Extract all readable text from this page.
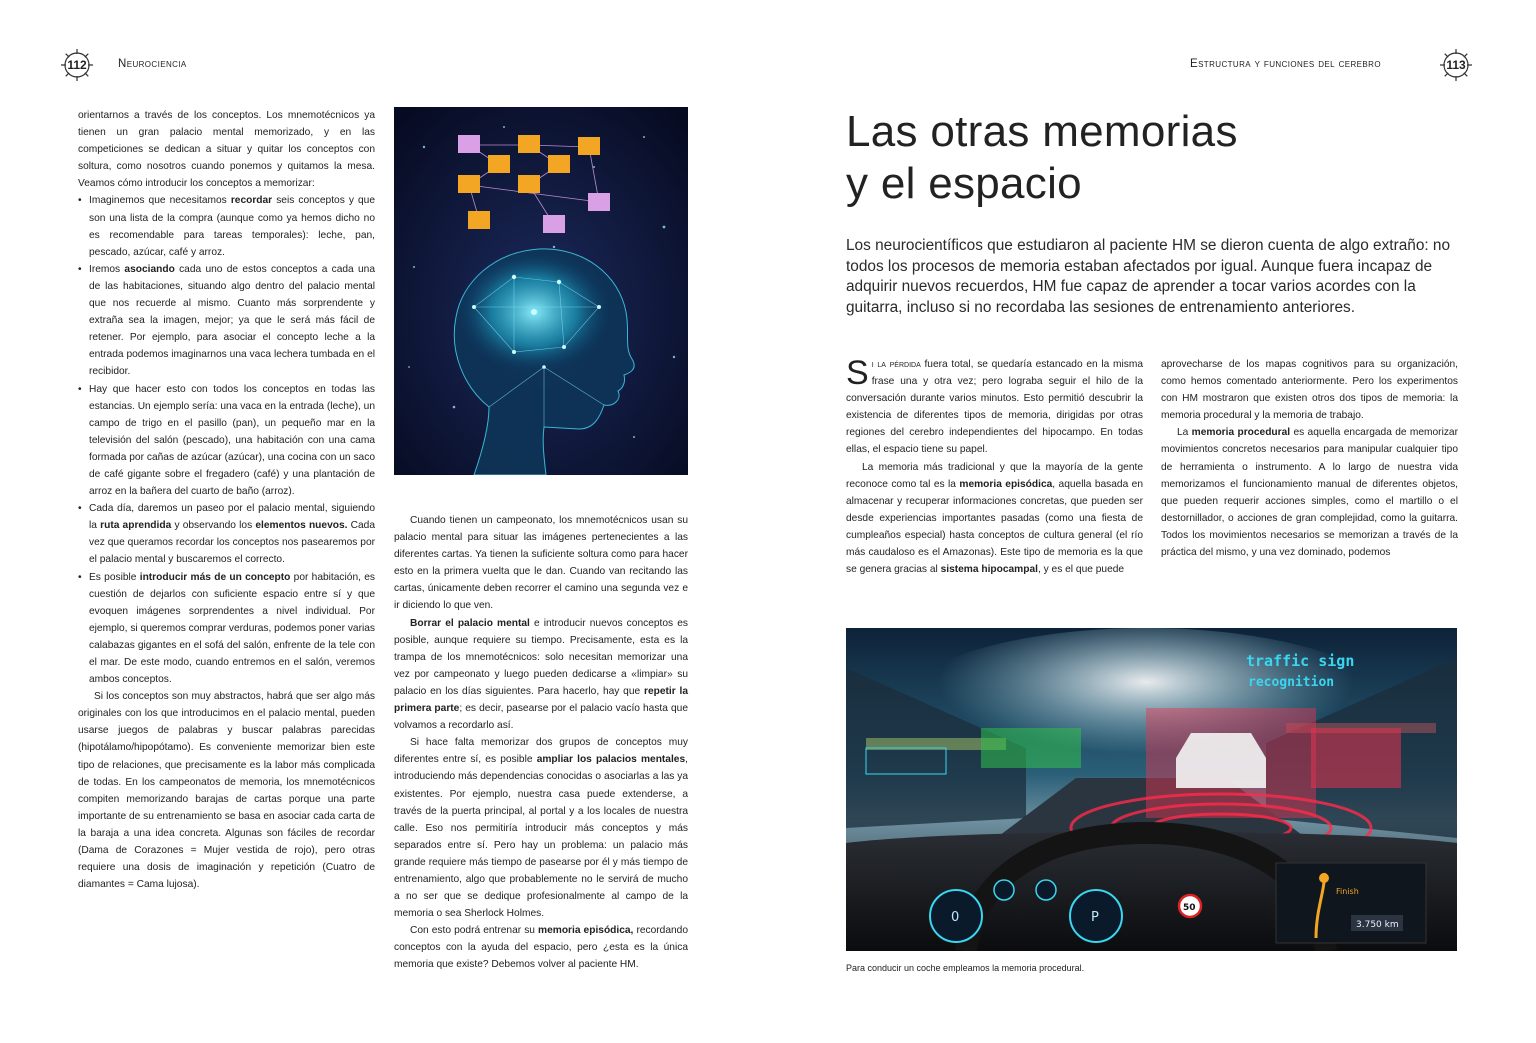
112	Neurociencia

orientarnos a través de los conceptos. Los mnemotécnicos ya tienen un gran palacio mental memorizado, y en las competiciones se dedican a situar y quitar los conceptos con soltura, como nosotros cuando ponemos y quitamos la mesa. Veamos cómo introducir los conceptos a memorizar:

• Imaginemos que necesitamos recordar seis conceptos y que son una lista de la compra (aunque como ya hemos dicho no es recomendable para tareas temporales): leche, pan, pescado, azúcar, café y arroz.
• Iremos asociando cada uno de estos conceptos a cada una de las habitaciones, situando algo dentro del palacio mental que nos recuerde al mismo. Cuanto más sorprendente y extraña sea la imagen, mejor; ya que le será más fácil de retener. Por ejemplo, para asociar el concepto leche a la entrada podemos imaginarnos una vaca lechera tumbada en el recibidor.
• Hay que hacer esto con todos los conceptos en todas las estancias. Un ejemplo sería: una vaca en la entrada (leche), un campo de trigo en el pasillo (pan), un pequeño mar en la televisión del salón (pescado), una habitación con una cama formada por cañas de azúcar (azúcar), una cocina con un saco de café gigante sobre el fregadero (café) y una plantación de arroz en la bañera del cuarto de baño (arroz).
• Cada día, daremos un paseo por el palacio mental, siguiendo la ruta aprendida y observando los elementos nuevos. Cada vez que queramos recordar los conceptos nos pasearemos por el palacio mental y buscaremos el correcto.
• Es posible introducir más de un concepto por habitación, es cuestión de dejarlos con suficiente espacio entre sí y que evoquen imágenes sorprendentes a nivel individual. Por ejemplo, si queremos comprar verduras, podemos poner varias calabazas gigantes en el sofá del salón, enfrente de la tele con el mar. De este modo, cuando entremos en el salón, veremos ambos conceptos.

Si los conceptos son muy abstractos, habrá que ser algo más originales con los que introducimos en el palacio mental, pueden usarse juegos de palabras y buscar palabras parecidas (hipotálamo/hipopótamo). Es conveniente memorizar bien este tipo de relaciones, que precisamente es la labor más complicada de todas. En los campeonatos de memoria, los mnemotécnicos compiten memorizando barajas de cartas porque una parte importante de su entrenamiento se basa en asociar cada carta de la baraja a una idea concreta. Algunas son fáciles de recordar (Dama de Corazones = Mujer vestida de rojo), pero otras requiere una dosis de imaginación y repetición (Cuatro de diamantes = Cama lujosa).

Cuando tienen un campeonato, los mnemotécnicos usan su palacio mental para situar las imágenes pertenecientes a las diferentes cartas. Ya tienen la suficiente soltura como para hacer esto en la primera vuelta que le dan. Cuando van recitando las cartas, únicamente deben recorrer el camino una segunda vez e ir diciendo lo que ven.

Borrar el palacio mental e introducir nuevos conceptos es posible, aunque requiere su tiempo. Precisamente, esta es la trampa de los mnemotécnicos: solo necesitan memorizar una vez por campeonato y luego pueden dedicarse a «limpiar» su palacio en los días siguientes. Para hacerlo, hay que repetir la primera parte; es decir, pasearse por el palacio vacío hasta que volvamos a recordarlo así.

Si hace falta memorizar dos grupos de conceptos muy diferentes entre sí, es posible ampliar los palacios mentales, introduciendo más dependencias conocidas o asociarlas a las ya existentes. Por ejemplo, nuestra casa puede extenderse, a través de la puerta principal, al portal y a los locales de nuestra calle. Eso nos permitiría introducir más conceptos y más separados entre sí. Pero hay un problema: un palacio más grande requiere más tiempo de pasearse por él y más tiempo de entrenamiento, algo que probablemente no le servirá de mucho a no ser que se dedique profesionalmente al campo de la memoria o sea Sherlock Holmes.

Con esto podrá entrenar su memoria episódica, recordando conceptos con la ayuda del espacio, pero ¿esta es la única memoria que existe? Debemos volver al paciente HM.

Estructura y funciones del cerebro	113
Las otras memorias
y el espacio

Los neurocientíficos que estudiaron al paciente HM se dieron cuenta de algo extraño: no todos los procesos de memoria estaban afectados por igual. Aunque fuera incapaz de adquirir nuevos recuerdos, HM fue capaz de aprender a tocar varios acordes con la guitarra, incluso si no recordaba las sesiones de entrenamiento anteriores.

Si la pérdida fuera total, se quedaría estancado en la misma frase una y otra vez; pero lograba seguir el hilo de la conversación durante varios minutos. Esto permitió descubrir la existencia de diferentes tipos de memoria, dirigidas por otras regiones del cerebro independientes del hipocampo. En todas ellas, el espacio tiene su papel.

La memoria más tradicional y que la mayoría de la gente reconoce como tal es la memoria episódica, aquella basada en almacenar y recuperar informaciones concretas, que pueden ser desde experiencias importantes pasadas (como una fiesta de cumpleaños especial) hasta conceptos de cultura general (el río más caudaloso es el Amazonas). Este tipo de memoria es la que se genera gracias al sistema hipocampal, y es el que puede

aprovecharse de los mapas cognitivos para su organización, como hemos comentado anteriormente. Pero los experimentos con HM mostraron que existen otros dos tipos de memoria: la memoria procedural y la memoria de trabajo.

La memoria procedural es aquella encargada de memorizar movimientos concretos necesarios para manipular cualquier tipo de herramienta o instrumento. A lo largo de nuestra vida memorizamos el funcionamiento manual de diferentes objetos, que pueden requerir acciones simples, como el martillo o el destornillador, o acciones de gran complejidad, como la guitarra. Todos los movimientos necesarios se memorizan a través de la práctica del mismo, y una vez dominado, podemos

traffic sign
recognition
0	P
50
Finish
3.750 km
Para conducir un coche empleamos la memoria procedural.
